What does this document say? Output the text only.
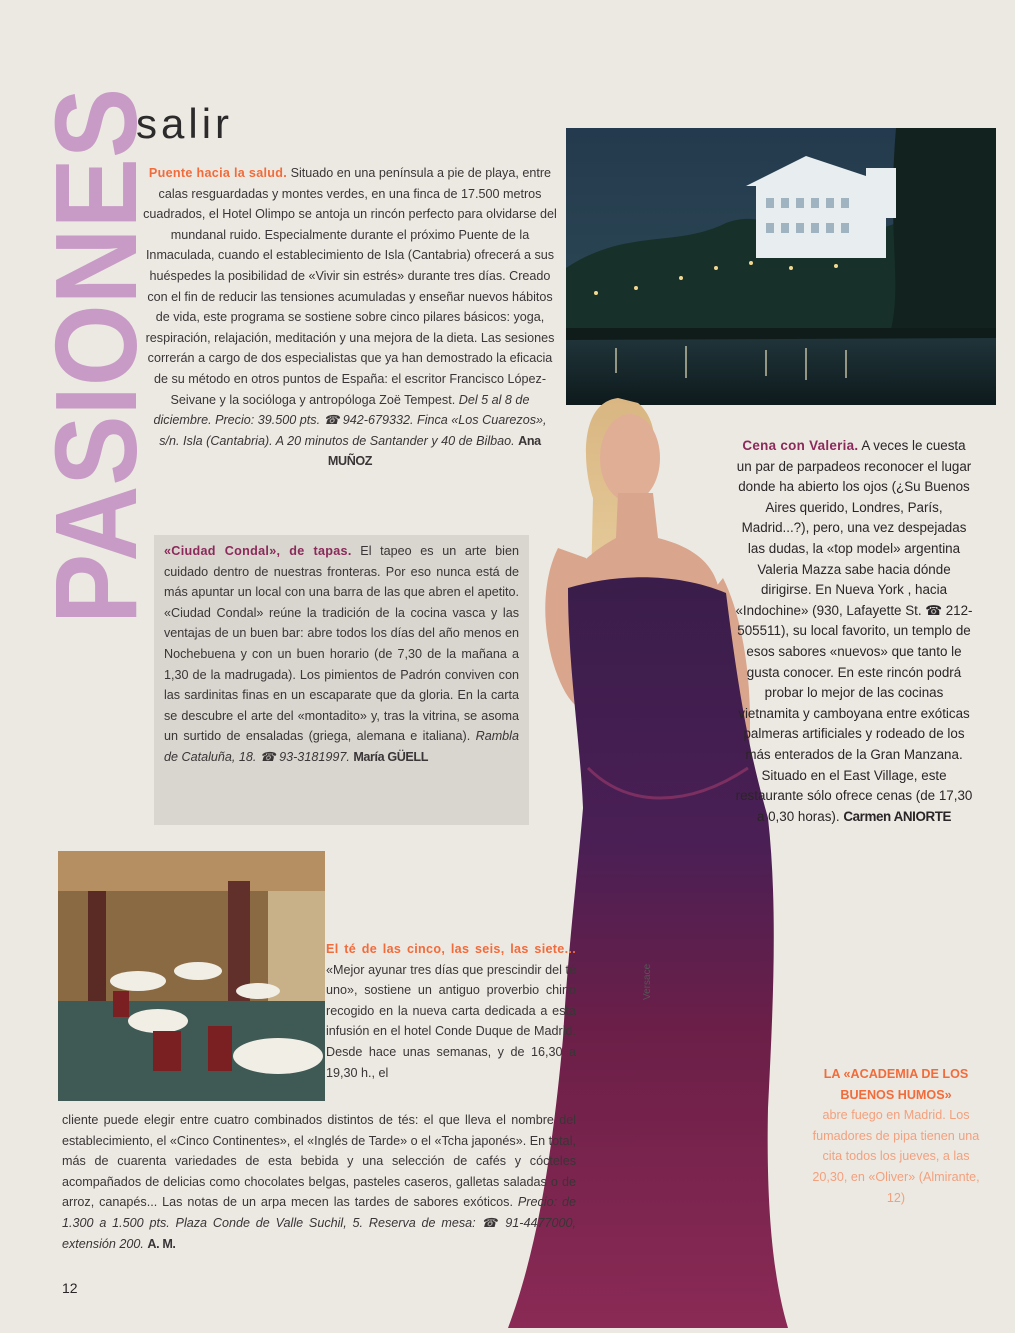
PASIONES
salir
Puente hacia la salud. Situado en una península a pie de playa, entre calas resguardadas y montes verdes, en una finca de 17.500 metros cuadrados, el Hotel Olimpo se antoja un rincón perfecto para olvidarse del mundanal ruido. Especialmente durante el próximo Puente de la Inmaculada, cuando el establecimiento de Isla (Cantabria) ofrecerá a sus huéspedes la posibilidad de «Vivir sin estrés» durante tres días. Creado con el fin de reducir las tensiones acumuladas y enseñar nuevos hábitos de vida, este programa se sostiene sobre cinco pilares básicos: yoga, respiración, relajación, meditación y una mejora de la dieta. Las sesiones correrán a cargo de dos especialistas que ya han demostrado la eficacia de su método en otros puntos de España: el escritor Francisco López-Seivane y la socióloga y antropóloga Zoë Tempest. Del 5 al 8 de diciembre. Precio: 39.500 pts. ☎ 942-679332. Finca «Los Cuarezos», s/n. Isla (Cantabria). A 20 minutos de Santander y 40 de Bilbao. Ana MUÑOZ
«Ciudad Condal», de tapas. El tapeo es un arte bien cuidado dentro de nuestras fronteras. Por eso nunca está de más apuntar un local con una barra de las que abren el apetito. «Ciudad Condal» reúne la tradición de la cocina vasca y las ventajas de un buen bar: abre todos los días del año menos en Nochebuena y con un buen horario (de 7,30 de la mañana a 1,30 de la madrugada). Los pimientos de Padrón conviven con las sardinitas finas en un escaparate que da gloria. En la carta se descubre el arte del «montadito» y, tras la vitrina, se asoma un surtido de ensaladas (griega, alemana e italiana). Rambla de Cataluña, 18. ☎ 93-3181997. María GÜELL
Cena con Valeria. A veces le cuesta un par de parpadeos reconocer el lugar donde ha abierto los ojos (¿Su Buenos Aires querido, Londres, París, Madrid...?), pero, una vez despejadas las dudas, la «top model» argentina Valeria Mazza sabe hacia dónde dirigirse. En Nueva York , hacia «Indochine» (930, Lafayette St. ☎ 212-505511), su local favorito, un templo de esos sabores «nuevos» que tanto le gusta conocer. En este rincón podrá probar lo mejor de las cocinas vietnamita y camboyana entre exóticas palmeras artificiales y rodeado de los más enterados de la Gran Manzana. Situado en el East Village, este restaurante sólo ofrece cenas (de 17,30 a 0,30 horas). Carmen ANIORTE
El té de las cinco, las seis, las siete... «Mejor ayunar tres días que prescindir del té uno», sostiene un antiguo proverbio chino recogido en la nueva carta dedicada a esta infusión en el hotel Conde Duque de Madrid. Desde hace unas semanas, y de 16,30 a 19,30 h., el
cliente puede elegir entre cuatro combinados distintos de tés: el que lleva el nombre del establecimiento, el «Cinco Continentes», el «Inglés de Tarde» o el «Tcha japonés». En total, más de cuarenta variedades de esta bebida y una selección de cafés y cócteles acompañados de delicias como chocolates belgas, pasteles caseros, galletas saladas o de arroz, canapés... Las notas de un arpa mecen las tardes de sabores exóticos. Precio: de 1.300 a 1.500 pts. Plaza Conde de Valle Suchil, 5. Reserva de mesa: ☎ 91-4477000, extensión 200. A. M.
Versace
LA «ACADEMIA DE LOS BUENOS HUMOS»
abre fuego en Madrid. Los fumadores de pipa tienen una cita todos los jueves, a las 20,30, en «Oliver» (Almirante, 12)
12
